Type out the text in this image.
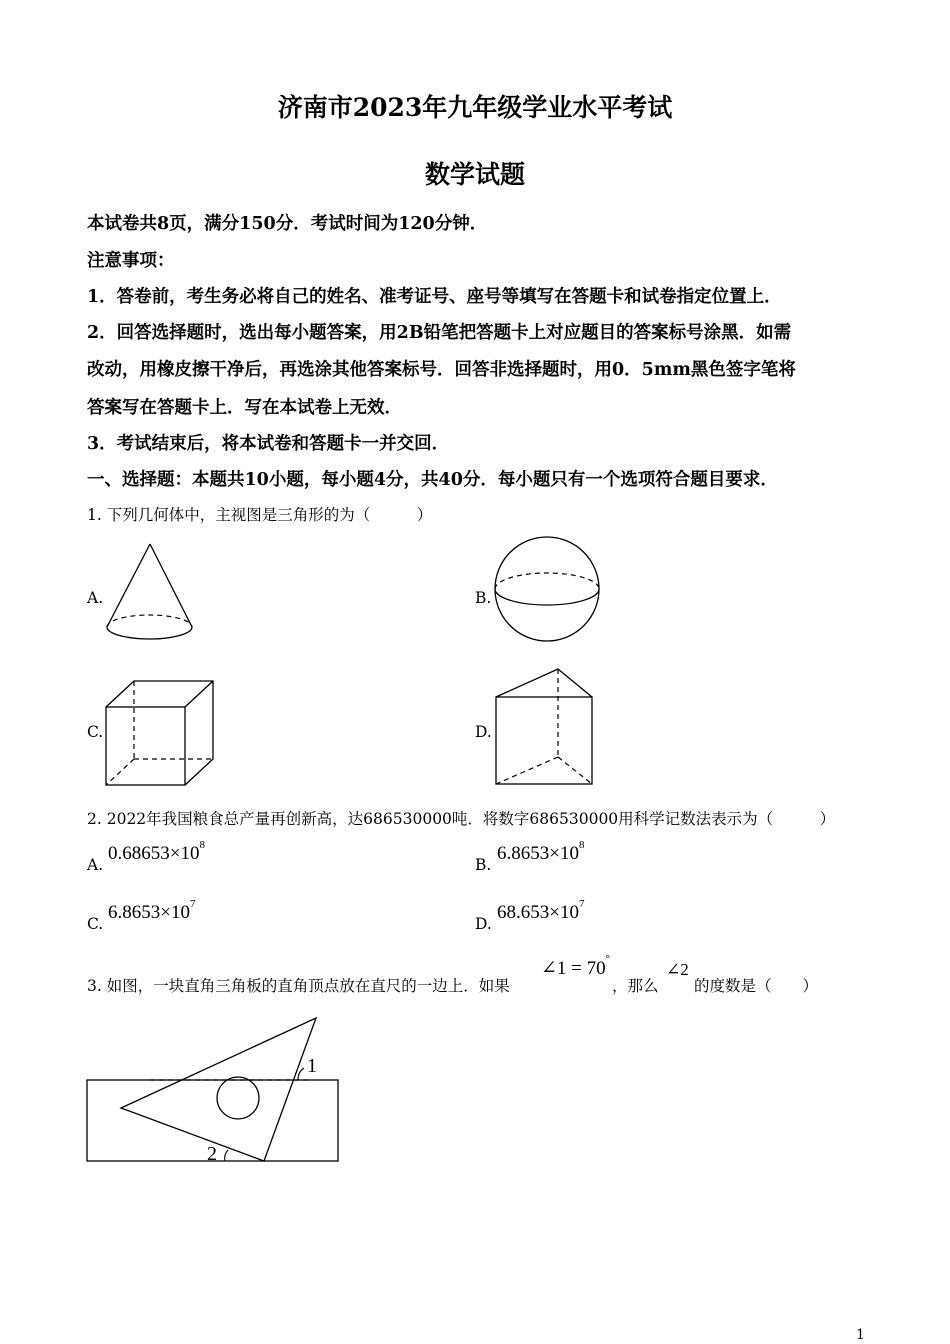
济南市2023年九年级学业水平考试
数学试题
本试卷共8页，满分150分．考试时间为120分钟．
注意事项：
1．答卷前，考生务必将自己的姓名、准考证号、座号等填写在答题卡和试卷指定位置上．
2．回答选择题时，选出每小题答案，用2B铅笔把答题卡上对应题目的答案标号涂黑．如需
改动，用橡皮擦干净后，再选涂其他答案标号．回答非选择题时，用0．5mm黑色签字笔将
答案写在答题卡上．写在本试卷上无效．
3．考试结束后，将本试卷和答题卡一并交回．
一、选择题：本题共10小题，每小题4分，共40分．每小题只有一个选项符合题目要求．
1. 下列几何体中，主视图是三角形的为（　　　）
A.	B.
C.	D.
2. 2022年我国粮食总产量再创新高，达686530000吨．将数字686530000用科学记数法表示为（　　　）
A.
$0.68653\times 10^8$
B.
$6.8653\times 10^8$
C.
$6.8653\times 10^7$
D.
$68.653\times 10^7$
3. 如图，一块直角三角板的直角顶点放在直尺的一边上．如果
∠1 = 70°
，那么
∠2
的度数是（　　）
1
2
1
